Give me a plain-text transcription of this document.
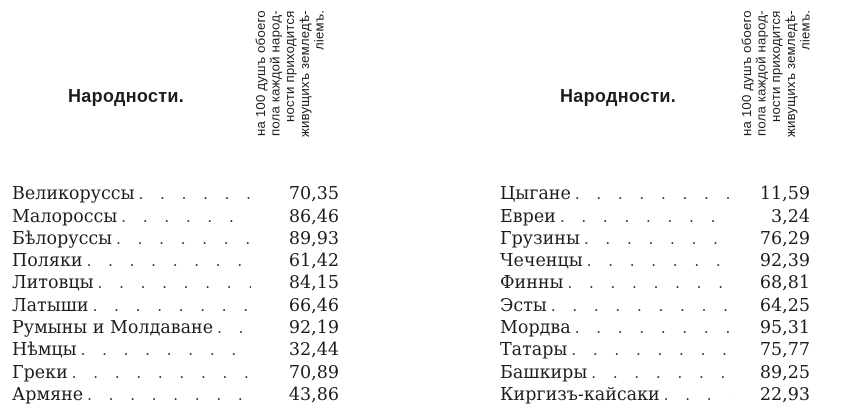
Народности.	на 100 душъ обоего пола каждой народ- ности приходится живущихъ земледѣ- ліемъ.
Великоруссы . . .	70,35
Малороссы . . .	86,46
Бѣлоруссы . . .	89,93
Поляки . . .	61,42
Литовцы . . .	84,15
Латыши . . .	66,46
Румыны и Молдаване . . .	92,19
Нѣмцы . . .	32,44
Греки . . .	70,89
Армяне . . .	43,86
Народности.	на 100 душъ обоего пола каждой народ- ности приходится живущихъ земледѣ- ліемъ.
Цыгане . . .	11,59
Евреи . . .	3,24
Грузины . . .	76,29
Чеченцы . . .	92,39
Финны . . .	68,81
Эсты . . .	64,25
Мордва . . .	95,31
Татары . . .	75,77
Башкиры . . .	89,25
Киргизъ-кайсаки . . .	22,93
